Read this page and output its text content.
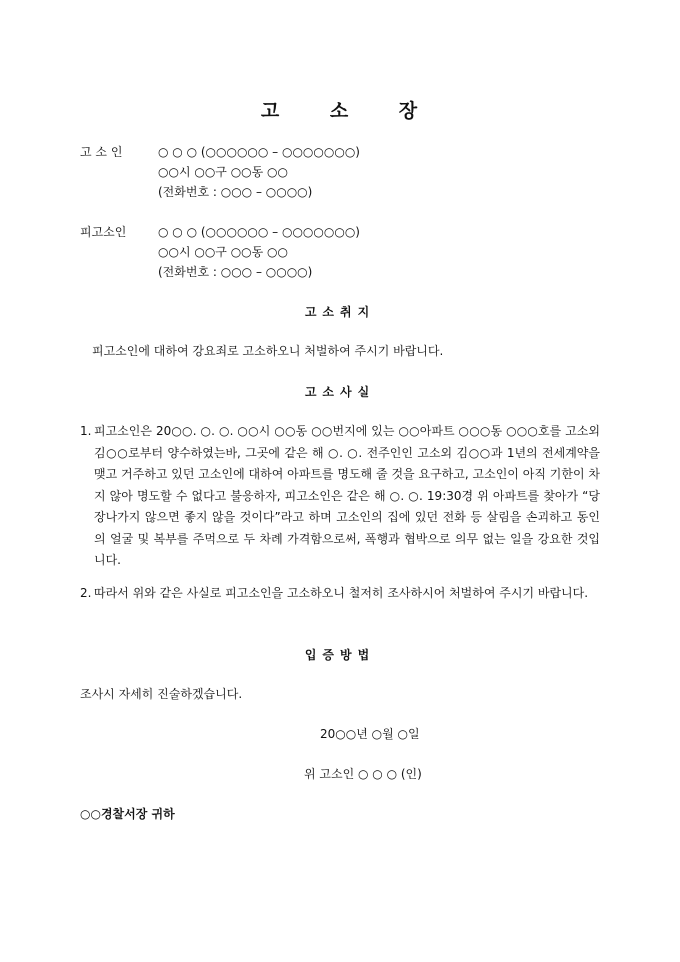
고 소 장
고 소 인	○ ○ ○ (○○○○○○ – ○○○○○○○)
○○시 ○○구 ○○동 ○○
(전화번호 : ○○○ – ○○○○)
피고소인	○ ○ ○ (○○○○○○ – ○○○○○○○)
○○시 ○○구 ○○동 ○○
(전화번호 : ○○○ – ○○○○)
고소취지
피고소인에 대하여 강요죄로 고소하오니 처벌하여 주시기 바랍니다.
고소사실
1. 피고소인은 20○○. ○. ○. ○○시 ○○동 ○○번지에 있는 ○○아파트 ○○○동 ○○○호를 고소외 김○○로부터 양수하였는바, 그곳에 같은 해 ○. ○. 전주인인 고소외 김○○과 1년의 전세계약을 맺고 거주하고 있던 고소인에 대하여 아파트를 명도해 줄 것을 요구하고, 고소인이 아직 기한이 차지 않아 명도할 수 없다고 불응하자, 피고소인은 같은 해 ○. ○. 19:30경 위 아파트를 찾아가 “당장나가지 않으면 좋지 않을 것이다”라고 하며 고소인의 집에 있던 전화 등 살림을 손괴하고 동인의 얼굴 및 복부를 주먹으로 두 차례 가격함으로써, 폭행과 협박으로 의무 없는 일을 강요한 것입니다.
2. 따라서 위와 같은 사실로 피고소인을 고소하오니 철저히 조사하시어 처벌하여 주시기 바랍니다.
입증방법
조사시 자세히 진술하겠습니다.
20○○년 ○월 ○일
위 고소인 ○ ○ ○ (인)
○○경찰서장 귀하
